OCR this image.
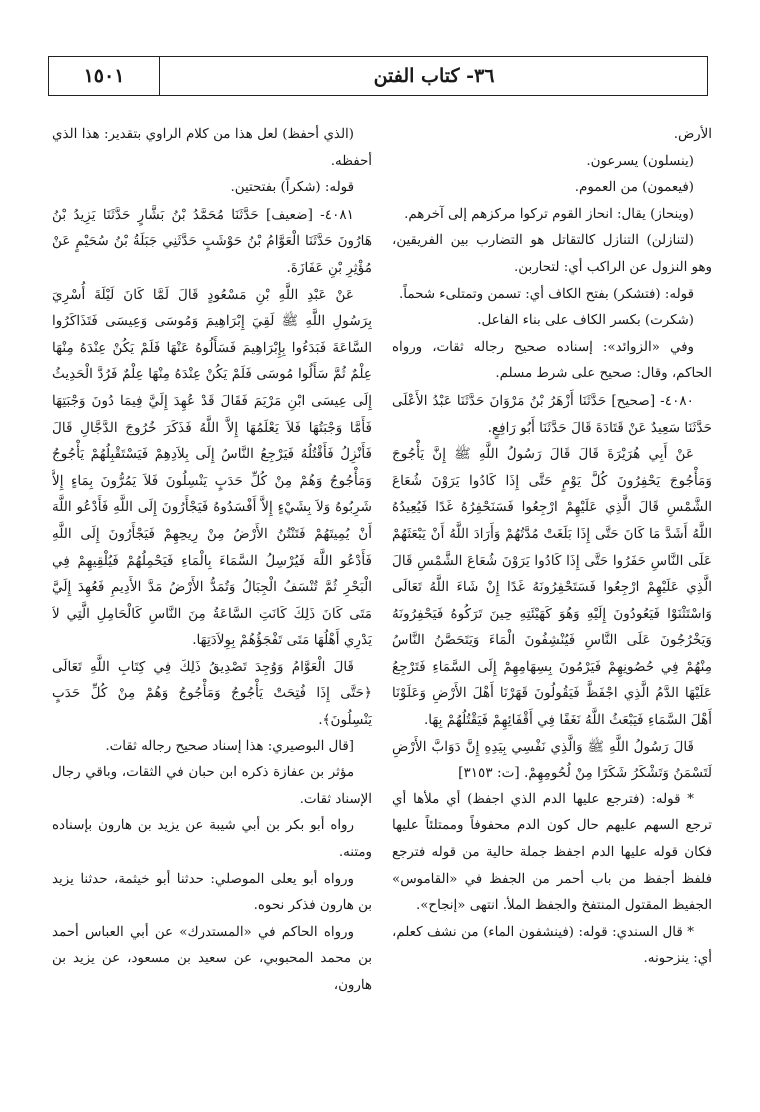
٣٦- كتاب الفتن
١٥٠١

الأرض.

(ينسلون) يسرعون.

(فيعمون) من العموم.

(وينحاز) يقال: انحاز القوم تركوا مركزهم إلى آخرهم.

(لتنازلن) التنازل كالتقاتل هو التضارب بين الفريقين، وهو النزول عن الراكب أي: لتحاربن.

قوله: (فتشكر) بفتح الكاف أي: تسمن وتمتلىء شحماً.

(شكرت) بكسر الكاف على بناء الفاعل.

وفي «الزوائد»: إسناده صحيح رجاله ثقات، ورواه الحاكم، وقال: صحيح على شرط مسلم.

٤٠٨٠- [صحيح] حَدَّثَنَا أَزْهَرُ بْنُ مَرْوَانَ حَدَّثَنَا عَبْدُ الأَعْلَى حَدَّثَنَا سَعِيدٌ عَنْ قَتَادَةَ قَالَ حَدَّثَنَا أَبُو رَافِعٍ.

عَنْ أَبِي هُرَيْرَةَ قَالَ قَالَ رَسُولُ اللَّهِ ﷺ إِنَّ يَأْجُوجَ وَمَأْجُوجَ يَحْفِرُونَ كُلَّ يَوْمٍ حَتَّى إِذَا كَادُوا يَرَوْنَ شُعَاعَ الشَّمْسِ قَالَ الَّذِي عَلَيْهِمْ ارْجِعُوا فَسَنَحْفِرُهُ غَدًا فَيُعِيدُهُ اللَّهُ أَشَدَّ مَا كَانَ حَتَّى إِذَا بَلَغَتْ مُدَّتُهُمْ وَأَرَادَ اللَّهُ أَنْ يَبْعَثَهُمْ عَلَى النَّاسِ حَفَرُوا حَتَّى إِذَا كَادُوا يَرَوْنَ شُعَاعَ الشَّمْسِ قَالَ الَّذِي عَلَيْهِمْ ارْجِعُوا فَسَتَحْفِرُونَهُ غَدًا إِنْ شَاءَ اللَّهُ تَعَالَى وَاسْتَثْنَوْا فَيَعُودُونَ إِلَيْهِ وَهُوَ كَهَيْئَتِهِ حِينَ تَرَكُوهُ فَيَحْفِرُونَهُ وَيَخْرُجُونَ عَلَى النَّاسِ فَيُنْشِفُونَ الْمَاءَ وَيَتَحَصَّنُ النَّاسُ مِنْهُمْ فِي حُصُونِهِمْ فَيَرْمُونَ بِسِهَامِهِمْ إِلَى السَّمَاءِ فَتَرْجِعُ عَلَيْهَا الدَّمُ الَّذِي اجْفَظَّ فَيَقُولُونَ قَهَرْنَا أَهْلَ الأَرْضِ وَعَلَوْنَا أَهْلَ السَّمَاءِ فَيَبْعَثُ اللَّهُ نَغَفًا فِي أَقْفَائِهِمْ فَيَقْتُلُهُمْ بِهَا.

قَالَ رَسُولُ اللَّهِ ﷺ وَالَّذِي نَفْسِي بِيَدِهِ إِنَّ دَوَابَّ الأَرْضِ لَتَسْمَنُ وَتَشْكَرُ شَكَرًا مِنْ لُحُومِهِمْ. [ت: ٣١٥٣]

* قوله: (فترجع عليها الدم الذي اجفظ) أي ملأها أي ترجع السهم عليهم حال كون الدم محفوفاً وممتلئاً عليها فكان قوله عليها الدم اجفظ جملة حالية من قوله فترجع فلفظ أجفظ من باب أحمر من الجفظ في «القاموس» الجفيظ المقتول المنتفخ والجفظ الملأ. انتهى «إنجاح».

* قال السندي: قوله: (فينشفون الماء) من نشف كعلم، أي: ينزحونه.

(الذي أحفظ) لعل هذا من كلام الراوي بتقدير: هذا الذي أحفظه.

قوله: (شكراً) بفتحتين.

٤٠٨١- [ضعيف] حَدَّثَنَا مُحَمَّدُ بْنُ بَشَّارٍ حَدَّثَنَا يَزِيدُ بْنُ هَارُونَ حَدَّثَنَا الْعَوَّامُ بْنُ حَوْشَبٍ حَدَّثَنِي جَبَلَةُ بْنُ سُحَيْمٍ عَنْ مُؤْثِرِ بْنِ عَفَازَةَ.

عَنْ عَبْدِ اللَّهِ بْنِ مَسْعُودٍ قَالَ لَمَّا كَانَ لَيْلَةَ أُسْرِيَ بِرَسُولِ اللَّهِ ﷺ لَقِيَ إِبْرَاهِيمَ وَمُوسَى وَعِيسَى فَتَذَاكَرُوا السَّاعَةَ فَبَدَءُوا بِإِبْرَاهِيمَ فَسَأَلُوهُ عَنْهَا فَلَمْ يَكُنْ عِنْدَهُ مِنْهَا عِلْمٌ ثُمَّ سَأَلُوا مُوسَى فَلَمْ يَكُنْ عِنْدَهُ مِنْهَا عِلْمٌ فَرُدَّ الْحَدِيثُ إِلَى عِيسَى ابْنِ مَرْيَمَ فَقَالَ قَدْ عُهِدَ إِلَيَّ فِيمَا دُونَ وَجْبَتِهَا فَأَمَّا وَجْبَتُهَا فَلاَ يَعْلَمُهَا إِلاَّ اللَّهُ فَذَكَرَ خُرُوجَ الدَّجَّالِ قَالَ فَأَنْزِلُ فَأَقْتُلُهُ فَيَرْجِعُ النَّاسُ إِلَى بِلاَدِهِمْ فَيَسْتَقْبِلُهُمْ يَأْجُوجُ وَمَأْجُوجُ وَهُمْ مِنْ كُلِّ حَدَبٍ يَنْسِلُونَ فَلاَ يَمُرُّونَ بِمَاءٍ إِلاَّ شَرِبُوهُ وَلاَ بِشَيْءٍ إِلاَّ أَفْسَدُوهُ فَيَجْأَرُونَ إِلَى اللَّهِ فَأَدْعُو اللَّهَ أَنْ يُمِيتَهُمْ فَتَنْتُنُ الأَرْضُ مِنْ رِيحِهِمْ فَيَجْأَرُونَ إِلَى اللَّهِ فَأَدْعُو اللَّهَ فَيُرْسِلُ السَّمَاءَ بِالْمَاءِ فَيَحْمِلُهُمْ فَيُلْقِيهِمْ فِي الْبَحْرِ ثُمَّ تُنْسَفُ الْجِبَالُ وَتُمَدُّ الأَرْضُ مَدَّ الأَدِيمِ فَعُهِدَ إِلَيَّ مَتَى كَانَ ذَلِكَ كَانَتِ السَّاعَةُ مِنَ النَّاسِ كَالْحَامِلِ الَّتِي لاَ يَدْرِي أَهْلُهَا مَتَى تَفْجَؤُهُمْ بِوِلاَدَتِهَا.

قَالَ الْعَوَّامُ وَوُجِدَ تَصْدِيقُ ذَلِكَ فِي كِتَابِ اللَّهِ تَعَالَى ﴿حَتَّى إِذَا فُتِحَتْ يَأْجُوجُ وَمَأْجُوجُ وَهُمْ مِنْ كُلِّ حَدَبٍ يَنْسِلُونَ﴾.

[قال البوصيري: هذا إسناد صحيح رجاله ثقات.

مؤثر بن عفازة ذكره ابن حبان في الثقات، وباقي رجال الإسناد ثقات.

رواه أبو بكر بن أبي شيبة عن يزيد بن هارون بإسناده ومتنه.

ورواه أبو يعلى الموصلي: حدثنا أبو خيثمة، حدثنا يزيد بن هارون فذكر نحوه.

ورواه الحاكم في «المستدرك» عن أبي العباس أحمد بن محمد المحبوبي، عن سعيد بن مسعود، عن يزيد بن هارون،
